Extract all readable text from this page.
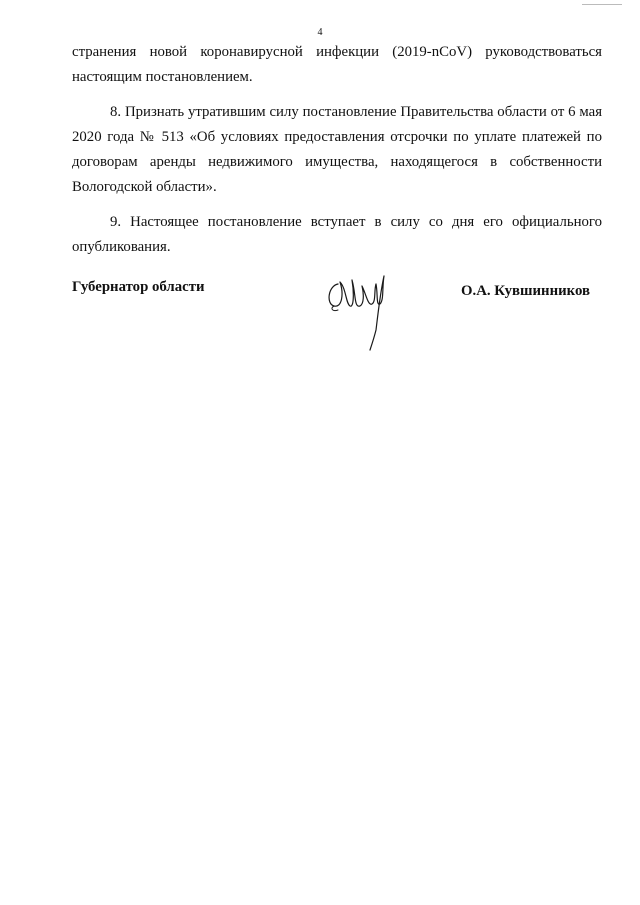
4

странения новой коронавирусной инфекции (2019-nCoV) руководствоваться настоящим постановлением.

8. Признать утратившим силу постановление Правительства области от 6 мая 2020 года № 513 «Об условиях предоставления отсрочки по уплате платежей по договорам аренды недвижимого имущества, находящегося в собственности Вологодской области».

9. Настоящее постановление вступает в силу со дня его официального опубликования.

Губернатор области	О.А. Кувшинников
